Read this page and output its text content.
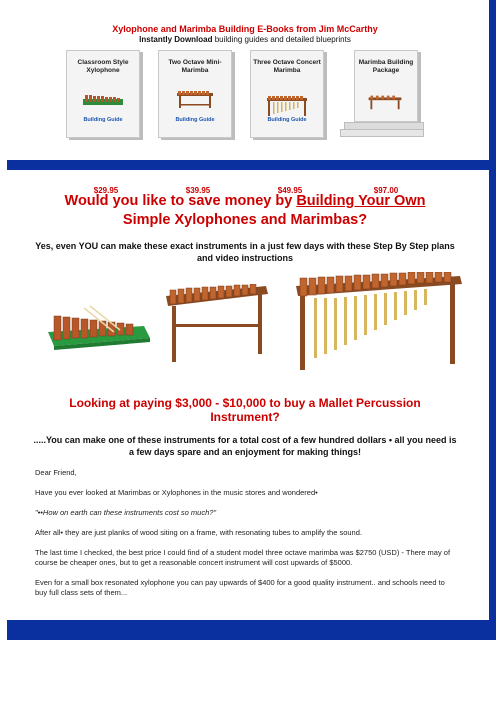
Xylophone and Marimba Building E-Books from Jim McCarthy
Instantly Download building guides and detailed blueprints
Classroom Style Xylophone
Building Guide
$29.95
Two Octave Mini-Marimba
Building Guide
$39.95
Three Octave Concert Marimba
Building Guide
$49.95
Marimba Building Package
$97.00
Would you like to save money by Building Your Own
Simple Xylophones and Marimbas?
Yes, even YOU can make these exact instruments in a just few days with these Step By Step plans and video instructions
Looking at paying $3,000 - $10,000 to buy a Mallet Percussion Instrument?
.....You can make one of these instruments for a total cost of a few hundred dollars • all you need is a few days spare and an enjoyment for making things!

Dear Friend,

Have you ever looked at Marimbas or Xylophones in the music stores and wondered•

"••How on earth can these instruments cost so much?"

After all• they are just planks of wood siting on a frame, with resonating tubes to amplify the sound.

The last time I checked, the best price I could find of a student model three octave marimba was $2750 (USD) - There may of course be cheaper ones, but to get a reasonable concert instrument will cost upwards of $5000.

Even for a small box resonated xylophone you can pay upwards of $400 for a good quality instrument.. and schools need to buy full class sets of them...
